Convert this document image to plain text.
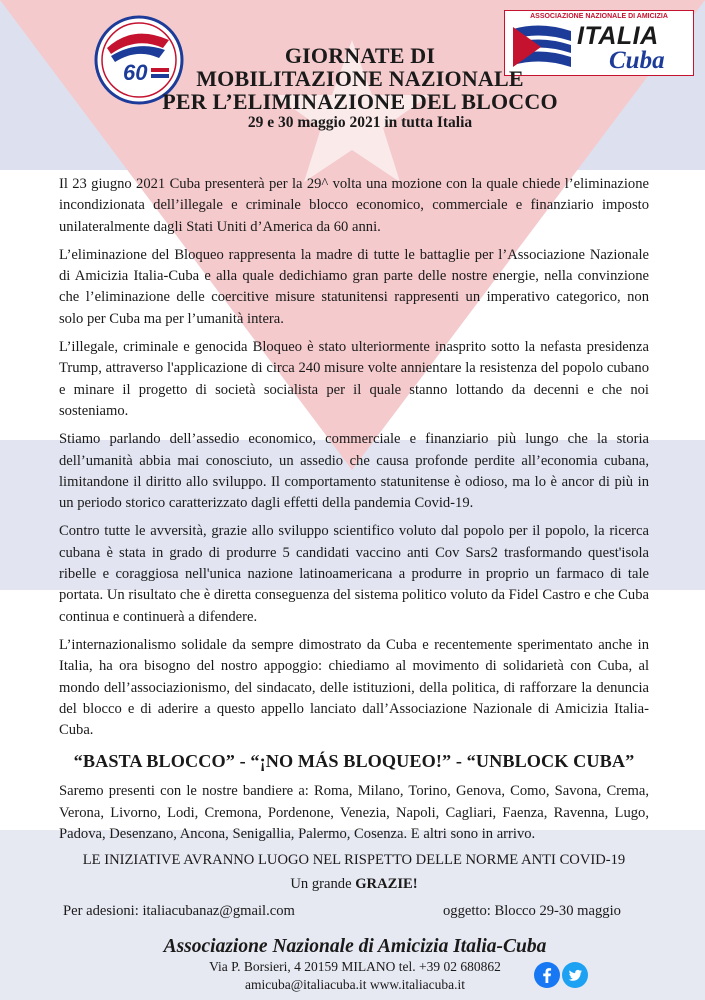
60
ASSOCIAZIONE NAZIONALE DI AMICIZIA
ITALIA
Cuba
GIORNATE DI
MOBILITAZIONE NAZIONALE
PER L’ELIMINAZIONE DEL BLOCCO
29 e 30 maggio 2021 in tutta Italia

Il 23 giugno 2021 Cuba presenterà per la 29^ volta una mozione con la quale chiede l’eliminazione incondizionata dell’illegale e criminale blocco economico, commerciale e finanziario imposto unilateralmente dagli Stati Uniti d’America da 60 anni.

L’eliminazione del Bloqueo rappresenta la madre di tutte le battaglie per l’Associazione Nazionale di Amicizia Italia-Cuba e alla quale dedichiamo gran parte delle nostre energie, nella convinzione che l’eliminazione delle coercitive misure statunitensi rappresenti un imperativo categorico, non solo per Cuba ma per l’umanità intera.

L’illegale, criminale e genocida Bloqueo è stato ulteriormente inasprito sotto la nefasta presidenza Trump, attraverso l'applicazione di circa 240 misure volte annientare la resistenza del popolo cubano e minare il progetto di società socialista per il quale stanno lottando da decenni e che noi sosteniamo.

Stiamo parlando dell’assedio economico, commerciale e finanziario più lungo che la storia dell’umanità abbia mai conosciuto, un assedio che causa profonde perdite all’economia cubana, limitandone il diritto allo sviluppo. Il comportamento statunitense è odioso, ma lo è ancor di più in un periodo storico caratterizzato dagli effetti della pandemia Covid-19.

Contro tutte le avversità, grazie allo sviluppo scientifico voluto dal popolo per il popolo, la ricerca cubana è stata in grado di produrre 5 candidati vaccino anti Cov Sars2 trasformando quest'isola ribelle e coraggiosa nell'unica nazione latinoamericana a produrre in proprio un farmaco di tale portata. Un risultato che è diretta conseguenza del sistema politico voluto da Fidel Castro e che Cuba continua e continuerà a difendere.

L’internazionalismo solidale da sempre dimostrato da Cuba e recentemente sperimentato anche in Italia, ha ora bisogno del nostro appoggio: chiediamo al movimento di solidarietà con Cuba, al mondo dell’associazionismo, del sindacato, delle istituzioni, della politica, di rafforzare la denuncia del blocco e di aderire a questo appello lanciato dall’Associazione Nazionale di Amicizia Italia-Cuba.

“BASTA BLOCCO” - “¡NO MÁS BLOQUEO!” - “UNBLOCK CUBA”

Saremo presenti con le nostre bandiere a: Roma, Milano, Torino, Genova, Como, Savona, Crema, Verona, Livorno, Lodi, Cremona, Pordenone, Venezia, Napoli, Cagliari, Faenza, Ravenna, Lugo, Padova, Desenzano, Ancona, Senigallia, Palermo, Cosenza. E altri sono in arrivo.

LE INIZIATIVE AVRANNO LUOGO NEL RISPETTO DELLE NORME ANTI COVID-19
Un grande GRAZIE!
Per adesioni: italiacubanaz@gmail.com	oggetto: Blocco 29-30 maggio
Associazione Nazionale di Amicizia Italia-Cuba
Via P. Borsieri, 4 20159 MILANO tel. +39 02 680862
amicuba@italiacuba.it www.italiacuba.it
